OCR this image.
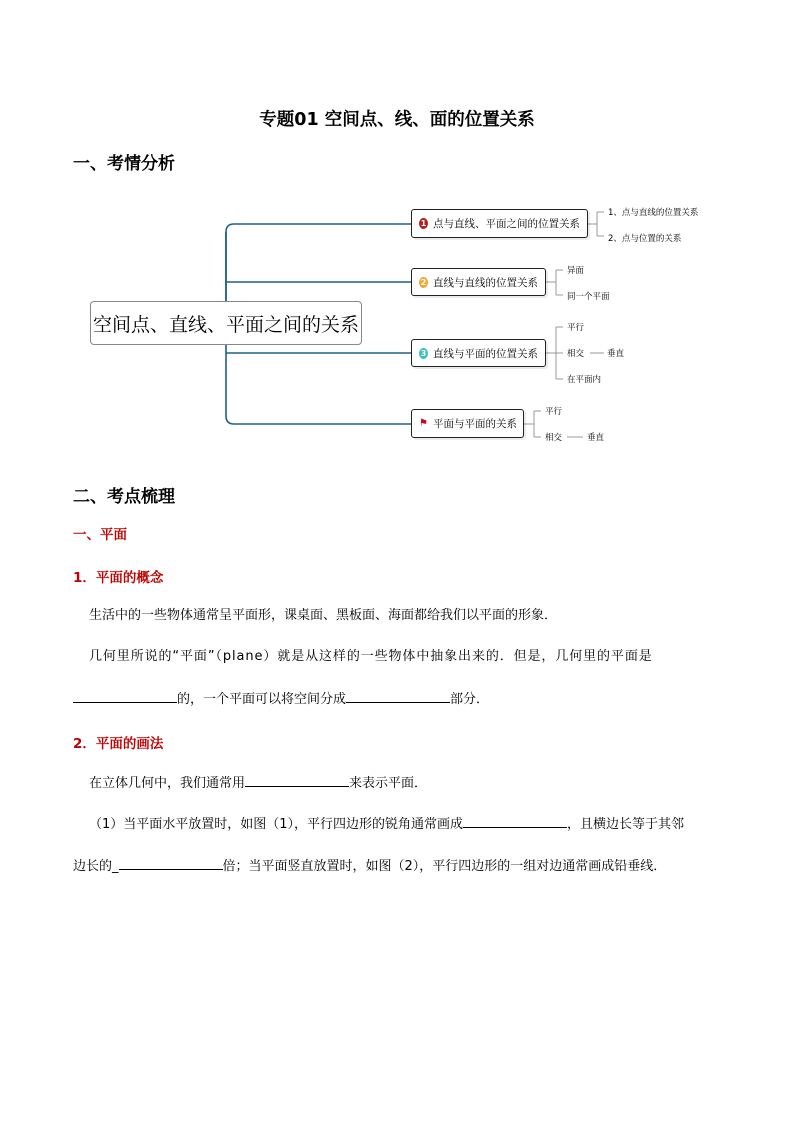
专题01 空间点、线、面的位置关系
一、考情分析
空间点、直线、平面之间的关系
1 点与直线、平面之间的位置关系
1、点与直线的位置关系
2、点与位置的关系
2 直线与直线的位置关系
异面
同一个平面
3 直线与平面的位置关系
平行
相交	垂直
在平面内
⚑ 平面与平面的关系
平行
相交	垂直
二、考点梳理
一、平面
1．平面的概念
生活中的一些物体通常呈平面形，课桌面、黑板面、海面都给我们以平面的形象．
几何里所说的“平面”（plane）就是从这样的一些物体中抽象出来的．但是，几何里的平面是
的，一个平面可以将空间分成	部分．
2．平面的画法
在立体几何中，我们通常用	来表示平面．
（1）当平面水平放置时，如图（1），平行四边形的锐角通常画成	，且横边长等于其邻
边长的_	倍；当平面竖直放置时，如图（2），平行四边形的一组对边通常画成铅垂线．
